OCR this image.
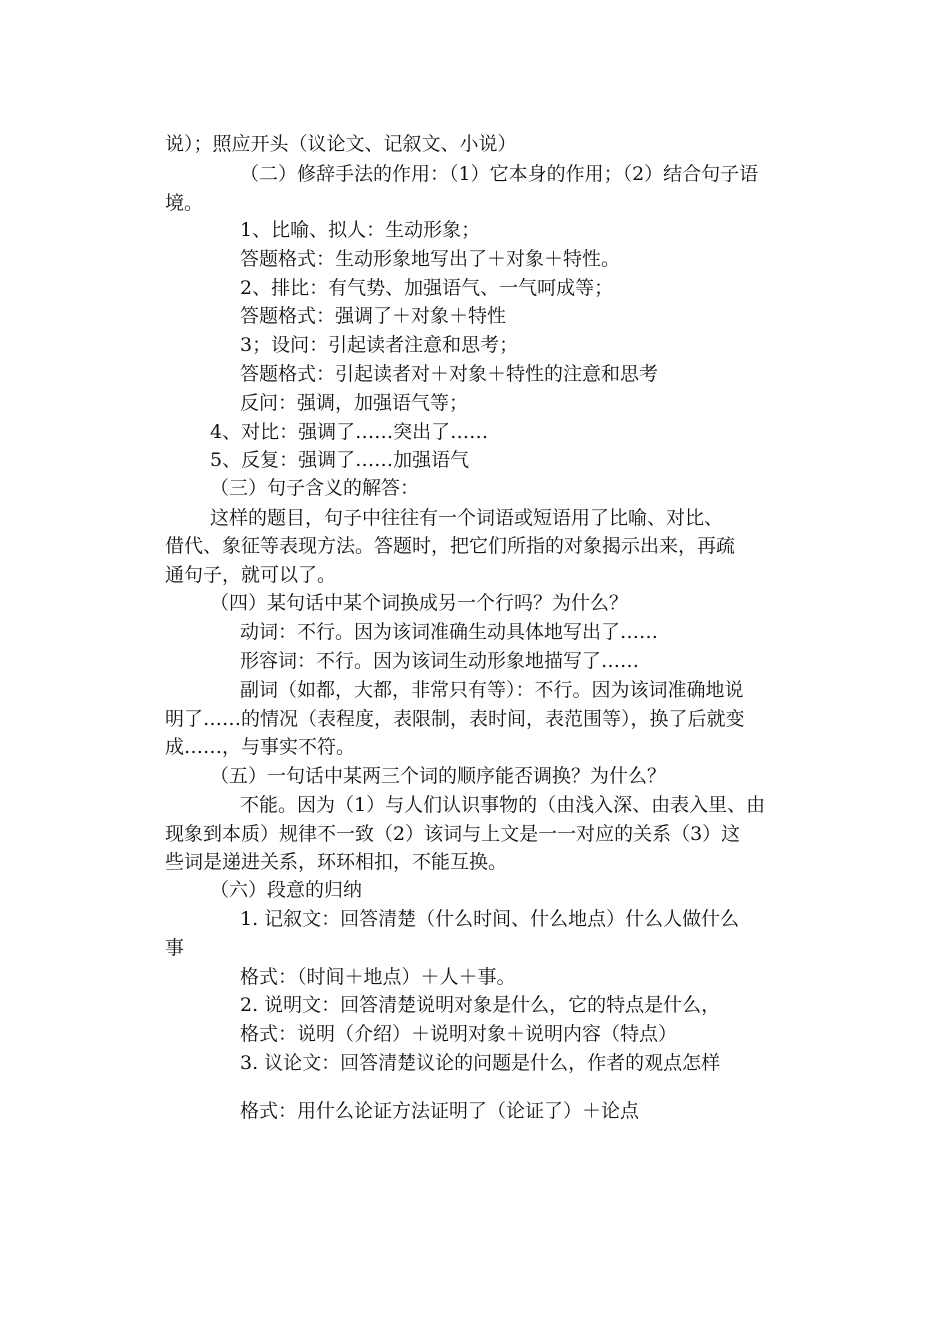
说）；照应开头（议论文、记叙文、小说）

（二）修辞手法的作用：（1）它本身的作用；（2）结合句子语

境。

1、比喻、拟人：生动形象；

答题格式：生动形象地写出了＋对象＋特性。

2、排比：有气势、加强语气、一气呵成等；

答题格式：强调了＋对象＋特性

3；设问：引起读者注意和思考；

答题格式：引起读者对＋对象＋特性的注意和思考

反问：强调，加强语气等；

4、对比：强调了……突出了……

5、反复：强调了……加强语气

（三）句子含义的解答：

这样的题目，句子中往往有一个词语或短语用了比喻、对比、

借代、象征等表现方法。答题时，把它们所指的对象揭示出来，再疏

通句子，就可以了。

（四）某句话中某个词换成另一个行吗？为什么？

动词：不行。因为该词准确生动具体地写出了……

形容词：不行。因为该词生动形象地描写了……

副词（如都，大都，非常只有等）：不行。因为该词准确地说

明了……的情况（表程度，表限制，表时间，表范围等），换了后就变

成……，与事实不符。

（五）一句话中某两三个词的顺序能否调换？为什么？

不能。因为（1）与人们认识事物的（由浅入深、由表入里、由

现象到本质）规律不一致（2）该词与上文是一一对应的关系（3）这

些词是递进关系，环环相扣，不能互换。

（六）段意的归纳

1. 记叙文：回答清楚（什么时间、什么地点）什么人做什么

事

格式：（时间＋地点）＋人＋事。

2. 说明文：回答清楚说明对象是什么，它的特点是什么，

格式：说明（介绍）＋说明对象＋说明内容（特点）

3. 议论文：回答清楚议论的问题是什么，作者的观点怎样

格式：用什么论证方法证明了（论证了）＋论点
